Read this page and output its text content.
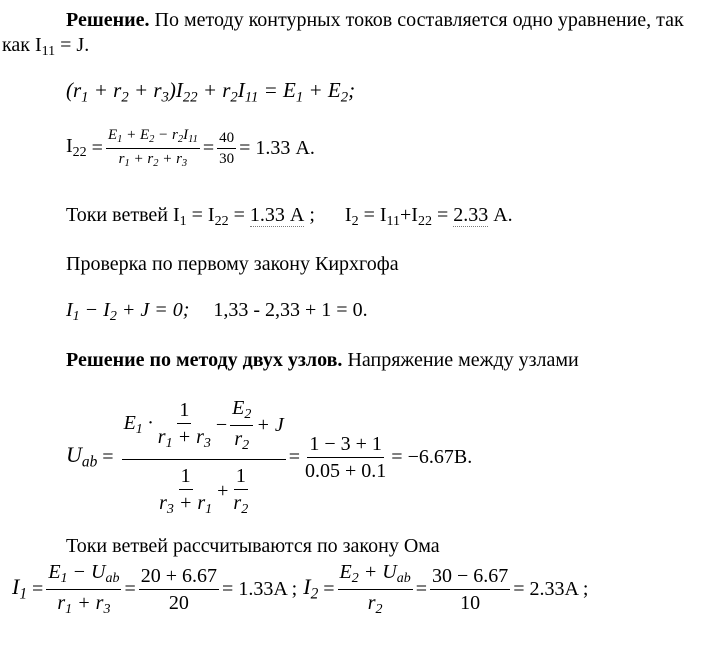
Решение. По методу контурных токов составляется одно уравнение, так
как $I_{11} = J$.
$(r_1 + r_2 + r_3)I_{22} + r_2I_{11} = E_1 + E_2$;
$I_{22} = \frac{E_1 + E_2 - r_2I_{11}}{r_1 + r_2 + r_3} = \frac{40}{30} = 1.33$
A.
Токи ветвей $I_1 = I_{22} = 1.33$ А ;      $I_2 = I_{11}+I_{22} = 2.33$ А.
Проверка по первому закону Кирхгофа
$I_1 - I_2 + J = 0$; 1,33 - 2,33 + 1 = 0.
Решение по методу двух узлов. Напряжение между узлами
$U_{ab}$ =
$E_1 \cdot \frac{1}{r_1 + r_3} - \frac{E_2}{r_2} + J$
$\frac{1}{r_3 + r_1} + \frac{1}{r_2}$
= $\frac{1 - 3 + 1}{0.05 + 0.1} = -6.67B$.
Токи ветвей рассчитываются по закону Ома
$I_1 = \frac{E_1 - U_{ab}}{r_1 + r_3} = \frac{20 + 6.67}{20} = 1.33A$ ; $I_2 = \frac{E_2 + U_{ab}}{r_2} = \frac{30 - 6.67}{10} = 2.33A$ ;
